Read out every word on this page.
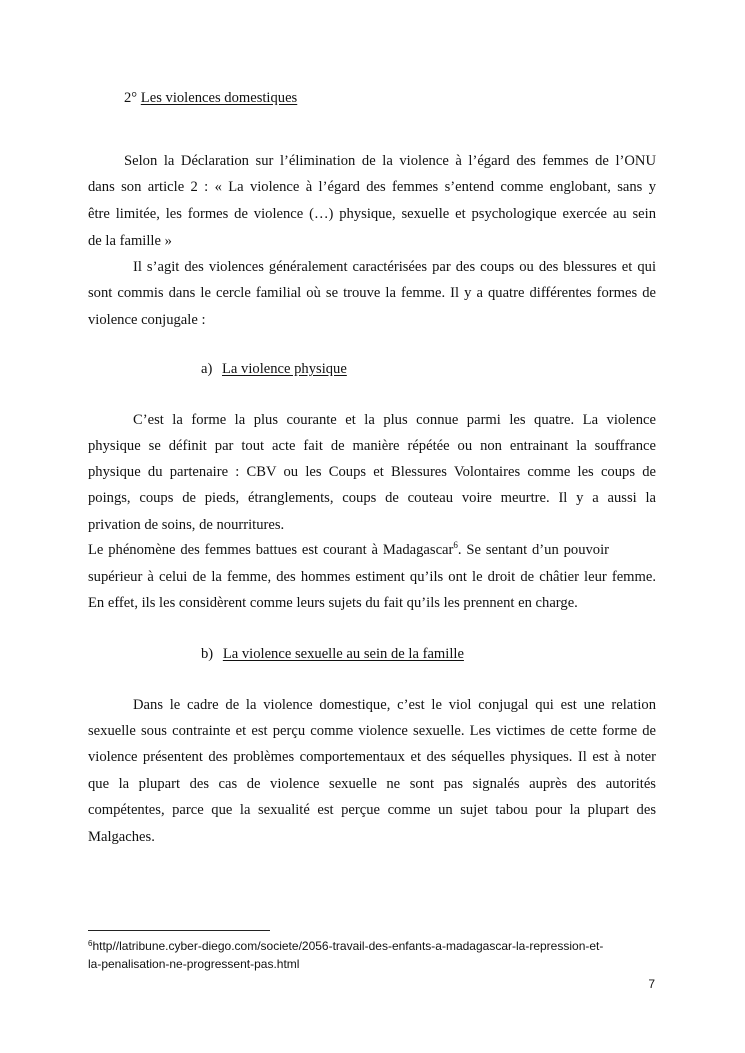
2° Les violences domestiques
Selon la Déclaration sur l’élimination de la violence à l’égard des femmes de l’ONU
dans son article 2 : « La violence à l’égard des femmes s’entend comme englobant, sans y
être limitée, les formes de violence (…) physique, sexuelle et psychologique exercée au sein
de la famille »
Il s’agit des violences généralement caractérisées par des coups ou des blessures et qui
sont commis dans le cercle familial où se trouve la femme. Il y a quatre différentes formes de
violence conjugale :
a) La violence physique
C’est la forme la plus courante et la plus connue parmi les quatre. La violence
physique se définit par tout acte fait de manière répétée ou non entrainant la souffrance
physique du partenaire : CBV ou les Coups et Blessures Volontaires comme les coups de
poings, coups de pieds, étranglements, coups de couteau voire meurtre. Il y a aussi la
privation de soins, de nourritures.
Le phénomène des femmes battues est courant à Madagascar$^6$. Se sentant d’un pouvoir
supérieur à celui de la femme, des hommes estiment qu’ils ont le droit de châtier leur femme.
En effet, ils les considèrent comme leurs sujets du fait qu’ils les prennent en charge.
b) La violence sexuelle au sein de la famille
Dans le cadre de la violence domestique, c’est le viol conjugal qui est une relation
sexuelle sous contrainte et est perçu comme violence sexuelle. Les victimes de cette forme de
violence présentent des problèmes comportementaux et des séquelles physiques. Il est à noter
que la plupart des cas de violence sexuelle ne sont pas signalés auprès des autorités
compétentes, parce que la sexualité est perçue comme un sujet tabou pour la plupart des
Malgaches.
$^6$http//latribune.cyber-diego.com/societe/2056-travail-des-enfants-a-madagascar-la-repression-et-
la-penalisation-ne-progressent-pas.html
7
